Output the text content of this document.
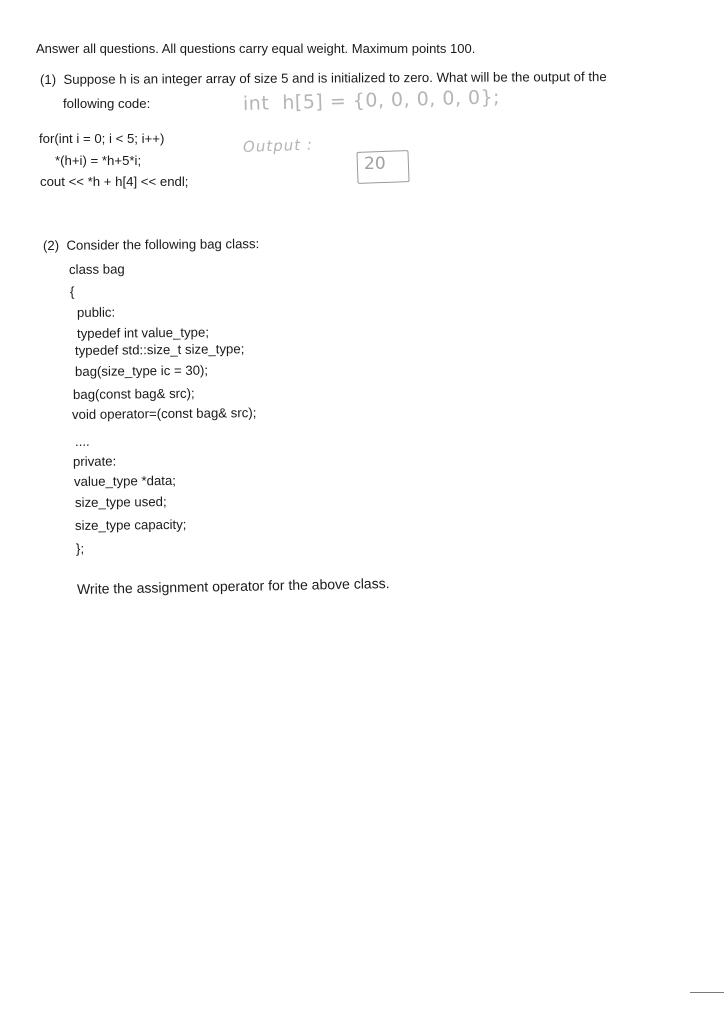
Answer all questions. All questions carry equal weight. Maximum points 100.
(1)  Suppose h is an integer array of size 5 and is initialized to zero. What will be the output of the
following code:	int  h[5] = {0, 0, 0, 0, 0};
for(int i = 0; i < 5; i++)
*(h+i) = *h+5*i;
cout << *h + h[4] << endl;
Output :
20
(2)  Consider the following bag class:
class bag
{
public:
typedef int value_type;
typedef std::size_t size_type;
bag(size_type ic = 30);
bag(const bag& src);
void operator=(const bag& src);
....
private:
value_type *data;
size_type used;
size_type capacity;
};
Write the assignment operator for the above class.
